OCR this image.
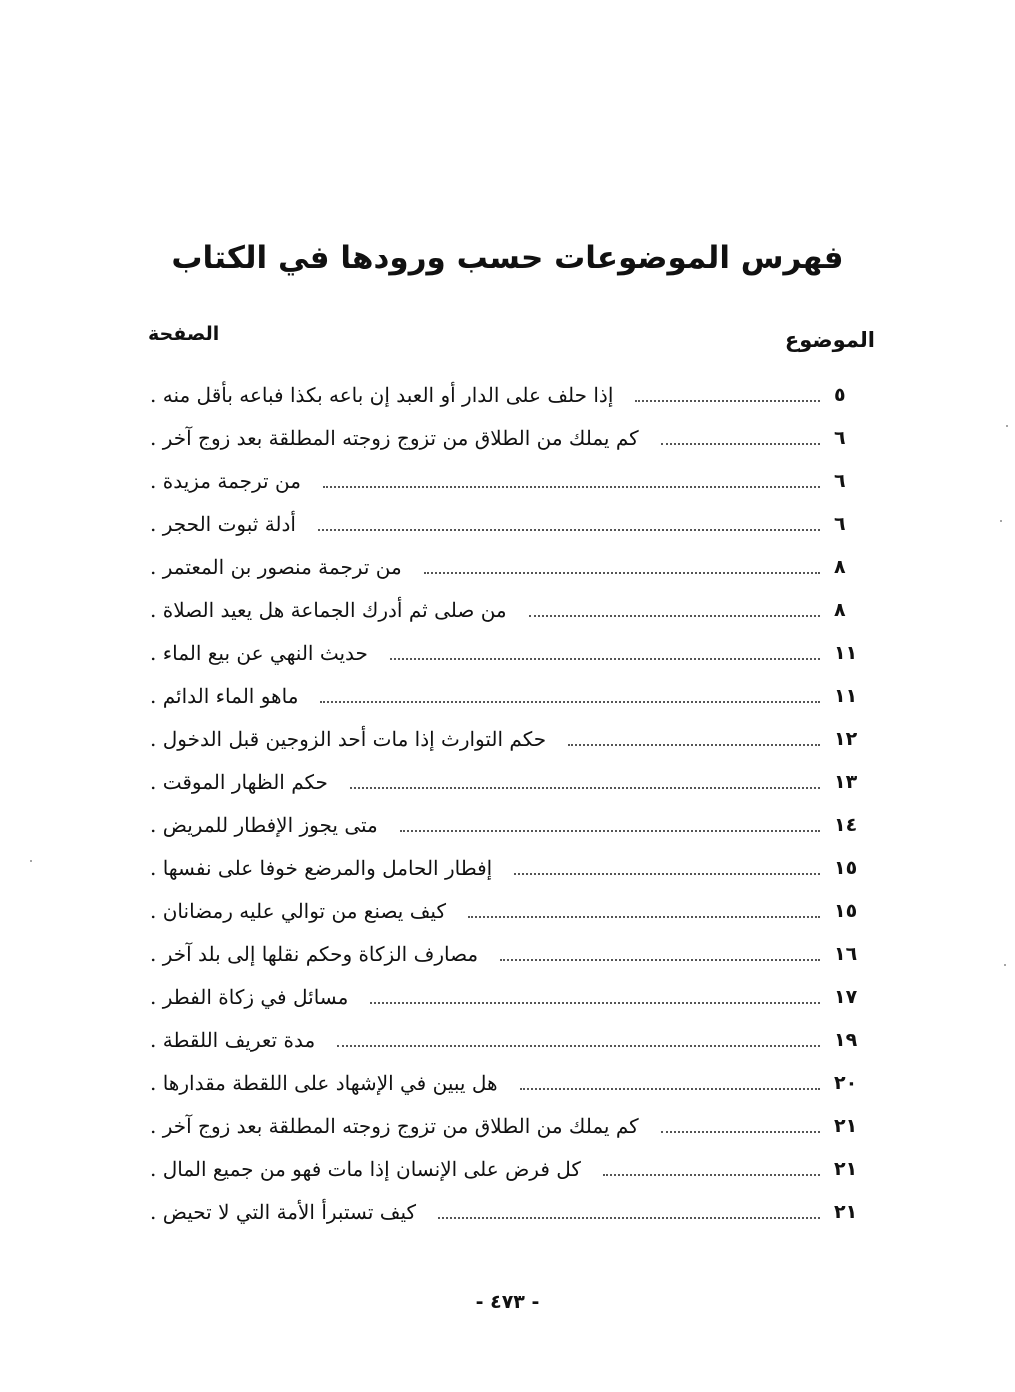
فهرس الموضوعات حسب ورودها في الكتاب
الموضوع
الصفحة
إذا حلف على الدار أو العبد إن باعه بكذا فباعه بأقل منه .	٥
كم يملك من الطلاق من تزوج زوجته المطلقة بعد زوج آخر .	٦
من ترجمة مزيدة .	٦
أدلة ثبوت الحجر .	٦
من ترجمة منصور بن المعتمر .	٨
من صلى ثم أدرك الجماعة هل يعيد الصلاة .	٨
حديث النهي عن بيع الماء .	١١
ماهو الماء الدائم .	١١
حكم التوارث إذا مات أحد الزوجين قبل الدخول .	١٢
حكم الظهار الموقت .	١٣
متى يجوز الإفطار للمريض .	١٤
إفطار الحامل والمرضع خوفا على نفسها .	١٥
كيف يصنع من توالي عليه رمضانان .	١٥
مصارف الزكاة وحكم نقلها إلى بلد آخر .	١٦
مسائل في زكاة الفطر .	١٧
مدة تعريف اللقطة .	١٩
هل يبين في الإشهاد على اللقطة مقدارها .	٢٠
كم يملك من الطلاق من تزوج زوجته المطلقة بعد زوج آخر .	٢١
كل فرض على الإنسان إذا مات فهو من جميع المال .	٢١
كيف تستبرأ الأمة التي لا تحيض .	٢١
- ٤٧٣ -
